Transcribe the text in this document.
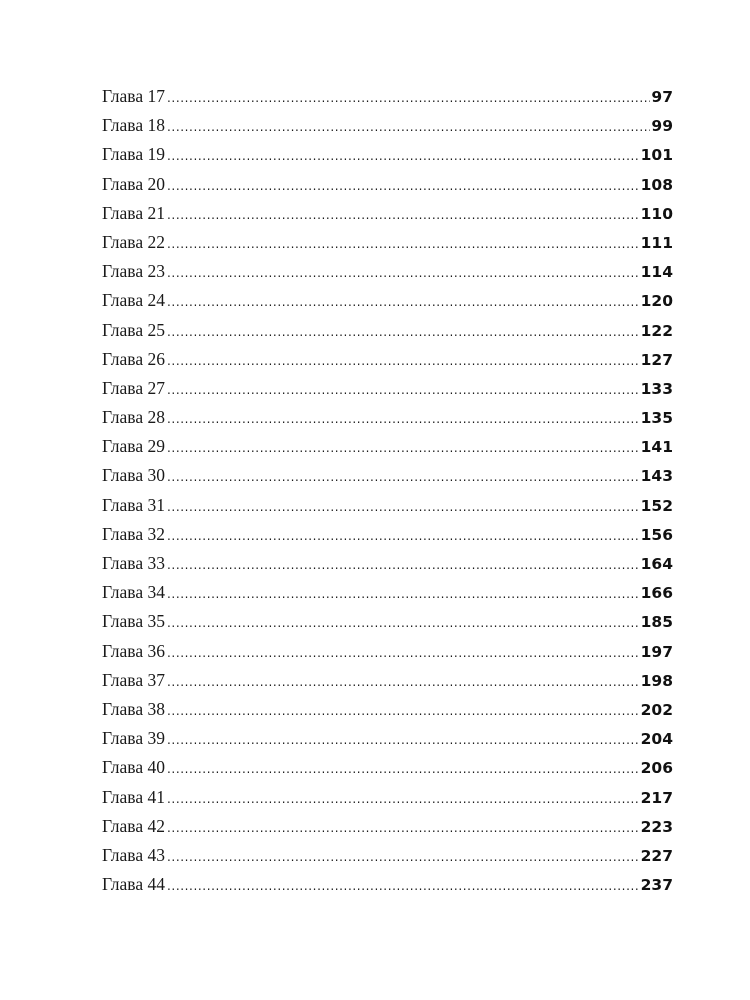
Глава 17 .....	97
Глава 18 .....	99
Глава 19 .....	101
Глава 20 .....	108
Глава 21 .....	110
Глава 22 .....	111
Глава 23 .....	114
Глава 24 .....	120
Глава 25 .....	122
Глава 26 .....	127
Глава 27 .....	133
Глава 28 .....	135
Глава 29 .....	141
Глава 30 .....	143
Глава 31 .....	152
Глава 32 .....	156
Глава 33 .....	164
Глава 34 .....	166
Глава 35 .....	185
Глава 36 .....	197
Глава 37 .....	198
Глава 38 .....	202
Глава 39 .....	204
Глава 40 .....	206
Глава 41 .....	217
Глава 42 .....	223
Глава 43 .....	227
Глава 44 .....	237
